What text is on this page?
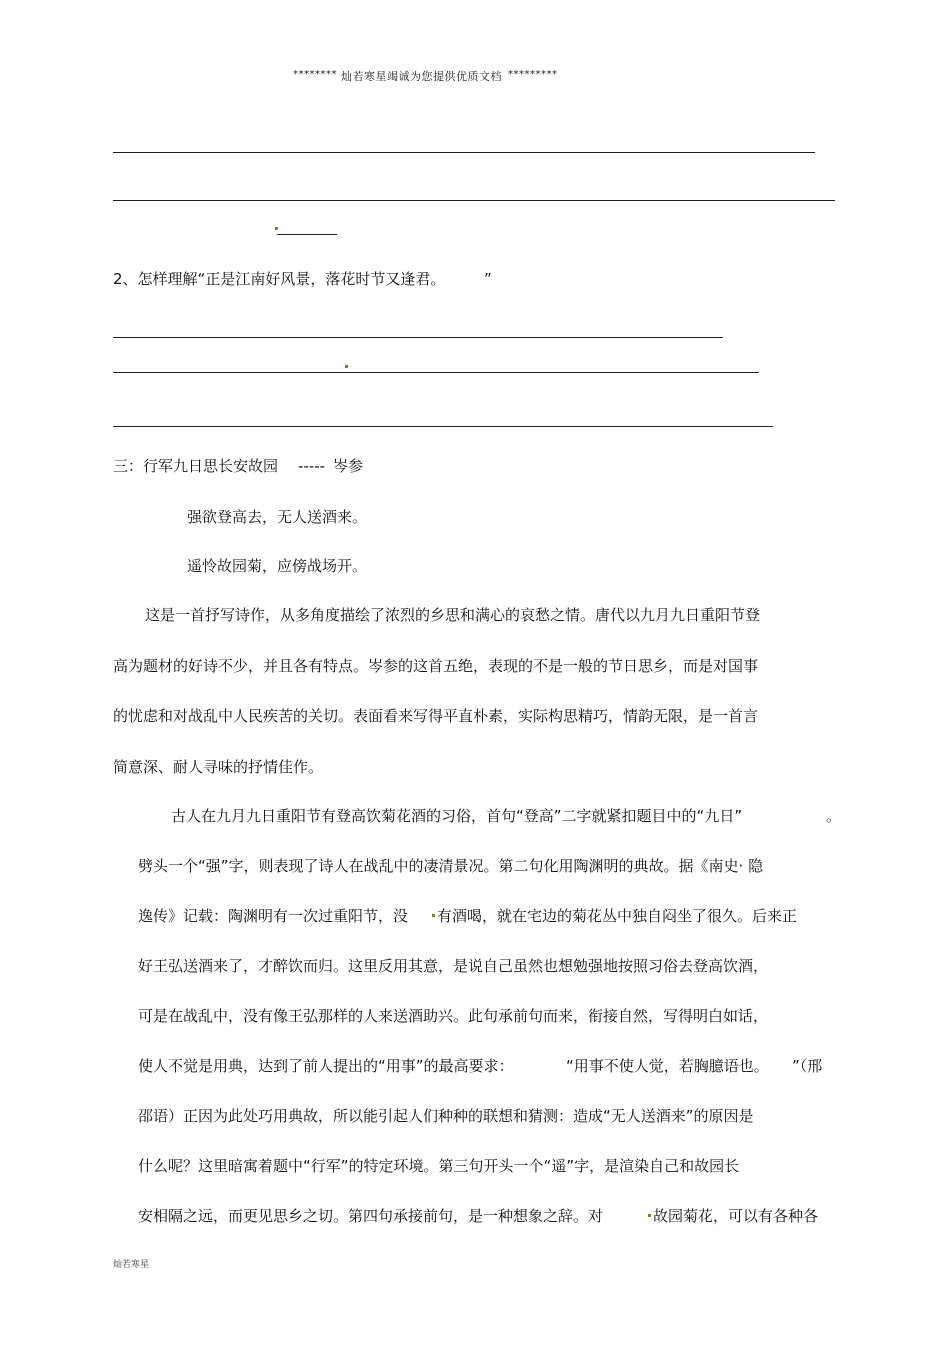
******** 灿若寒星竭诚为您提供优质文档 *********
2、怎样理解“正是江南好风景，落花时节又逢君。	”
三：行军九日思长安故园 ----- 岑参
强欲登高去，无人送酒来。
遥怜故园菊，应傍战场开。
这是一首抒写诗作，从多角度描绘了浓烈的乡思和满心的哀愁之情。唐代以九月九日重阳节登
高为题材的好诗不少，并且各有特点。岑参的这首五绝，表现的不是一般的节日思乡，而是对国事
的忧虑和对战乱中人民疾苦的关切。表面看来写得平直朴素，实际构思精巧，情韵无限，是一首言
简意深、耐人寻味的抒情佳作。
古人在九月九日重阳节有登高饮菊花酒的习俗，首句“登高”二字就紧扣题目中的“九日”	。
劈头一个“强”字，则表现了诗人在战乱中的凄清景况。第二句化用陶渊明的典故。据《南史· 隐
逸传》记载：陶渊明有一次过重阳节，没 有酒喝，就在宅边的菊花丛中独自闷坐了很久。后来正
好王弘送酒来了，才醉饮而归。这里反用其意，是说自己虽然也想勉强地按照习俗去登高饮酒，
可是在战乱中，没有像王弘那样的人来送酒助兴。此句承前句而来，衔接自然，写得明白如话，
使人不觉是用典，达到了前人提出的“用事”的最高要求：	“用事不使人觉，若胸臆语也。 ”（邢
邵语）正因为此处巧用典故，所以能引起人们种种的联想和猜测：造成“无人送酒来”的原因是
什么呢？这里暗寓着题中“行军”的特定环境。第三句开头一个“遥”字，是渲染自己和故园长
安相隔之远，而更见思乡之切。第四句承接前句，是一种想象之辞。对	故园菊花，可以有各种各
灿若寒星
